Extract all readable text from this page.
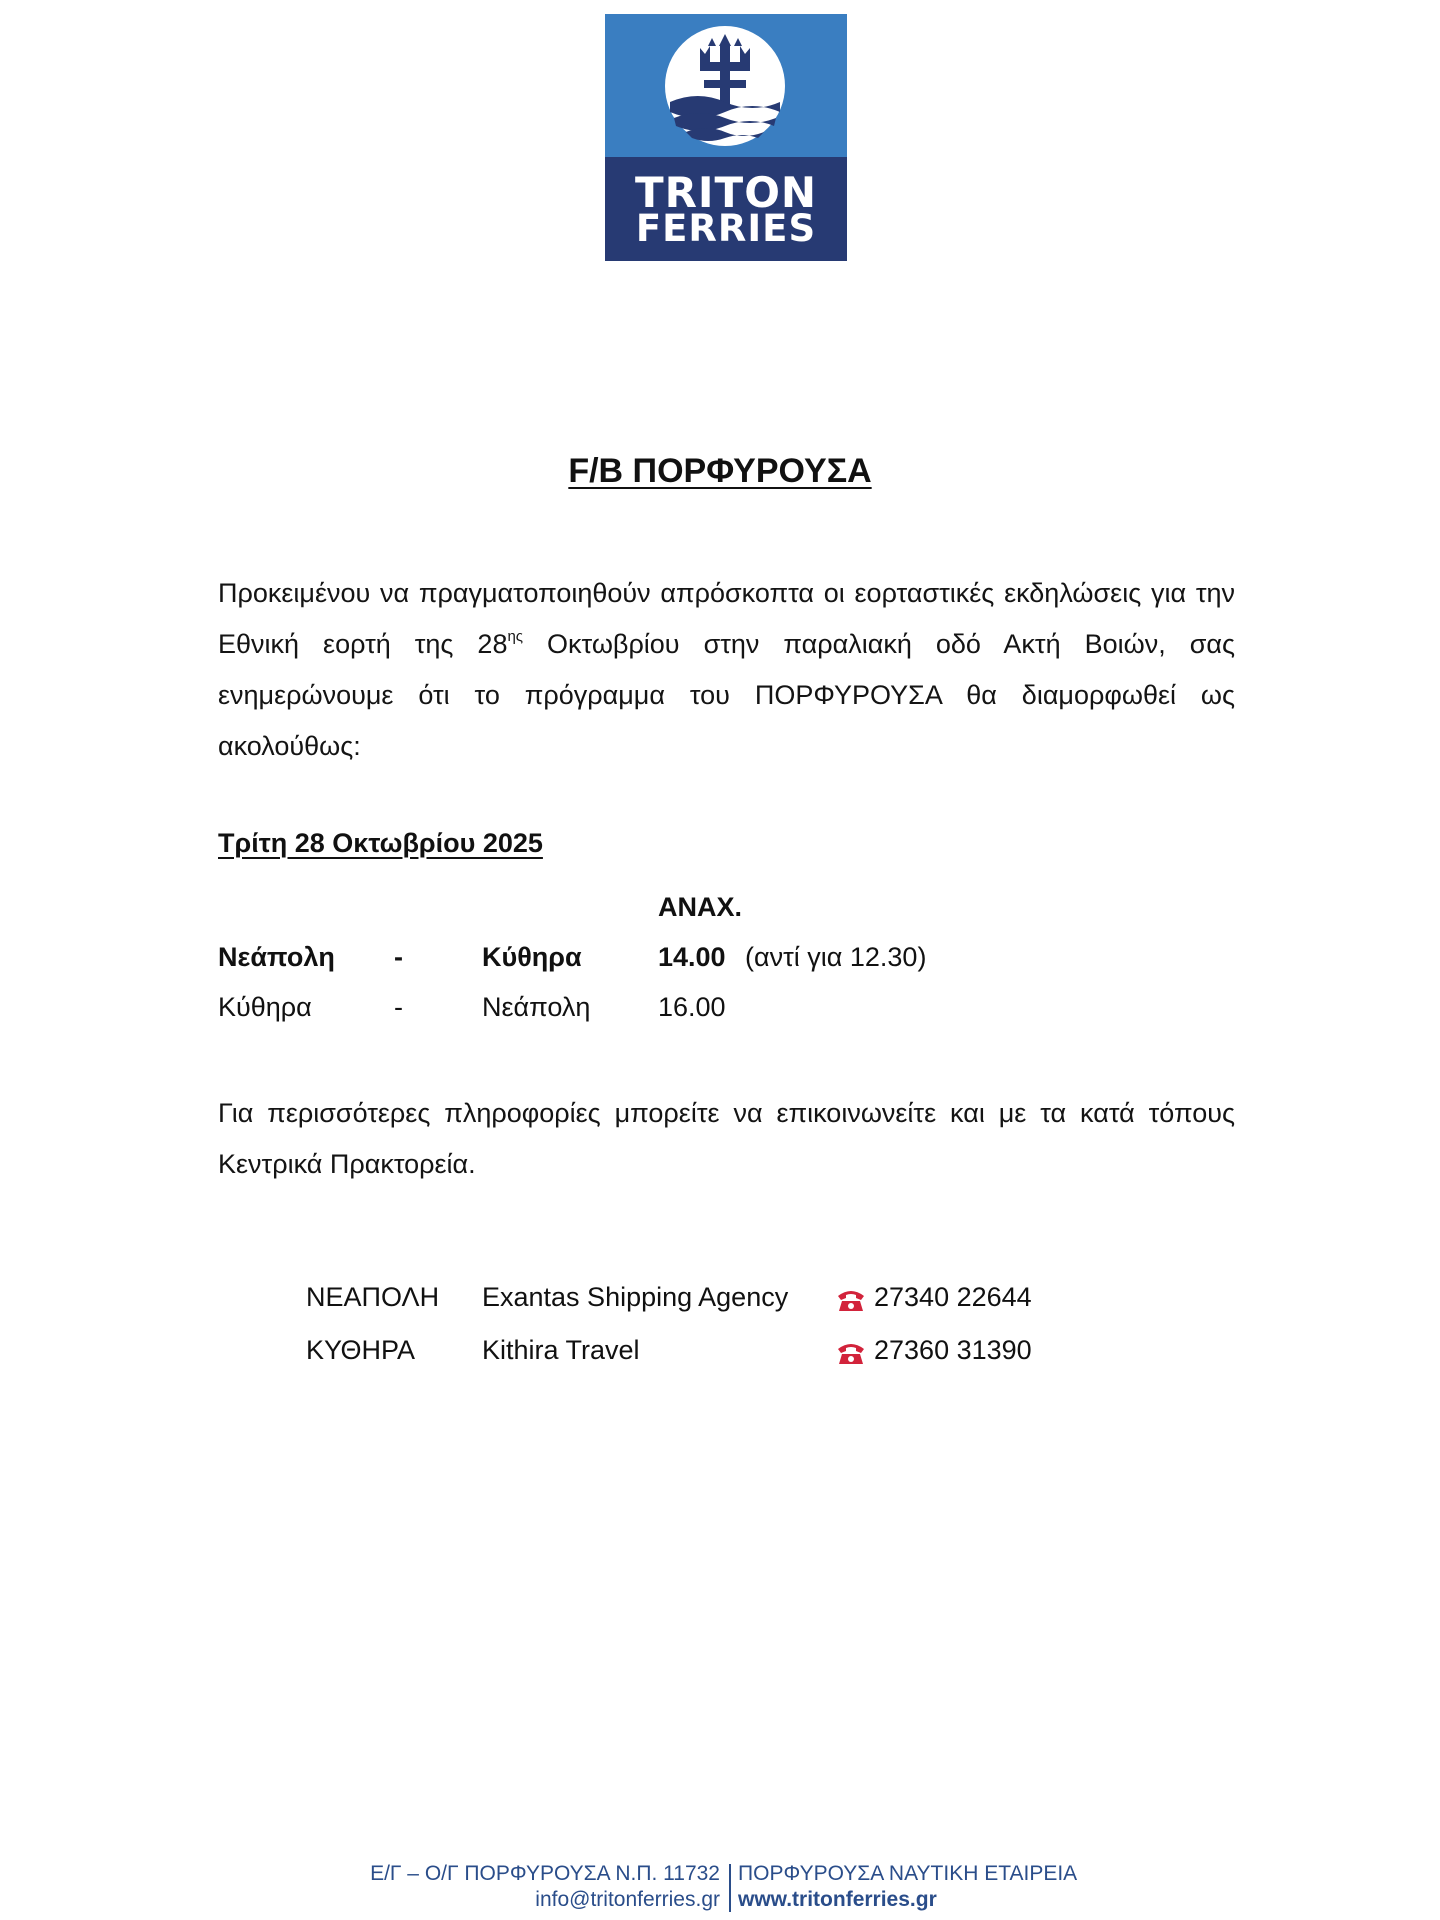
TRITON
FERRIES
F/B ΠΟΡΦΥΡΟΥΣΑ
Προκειμένου να πραγματοποιηθούν απρόσκοπτα οι εορταστικές εκδηλώσεις για την Εθνική εορτή της $28^{\eta\varsigma}$ Οκτωβρίου στην παραλιακή οδό Ακτή Βοιών, σας ενημερώνουμε ότι το πρόγραμμα του ΠΟΡΦΥΡΟΥΣΑ θα διαμορφωθεί ως ακολούθως:
Τρίτη 28 Οκτωβρίου 2025
ΑΝΑΧ.
Νεάπολη -	Κύθηρα	14.00 (αντί για 12.30)
Κύθηρα	-	Νεάπολη	16.00
Για περισσότερες πληροφορίες μπορείτε να επικοινωνείτε και με τα κατά τόπους Κεντρικά Πρακτορεία.
ΝΕΑΠΟΛΗ Exantas Shipping Agency	27340 22644
ΚΥΘΗΡΑ Kithira Travel	27360 31390
Ε/Γ – Ο/Γ ΠΟΡΦΥΡΟΥΣΑ Ν.Π. 11732
info@tritonferries.gr
ΠΟΡΦΥΡΟΥΣΑ ΝΑΥΤΙΚΗ ΕΤΑΙΡΕΙΑ
www.tritonferries.gr
